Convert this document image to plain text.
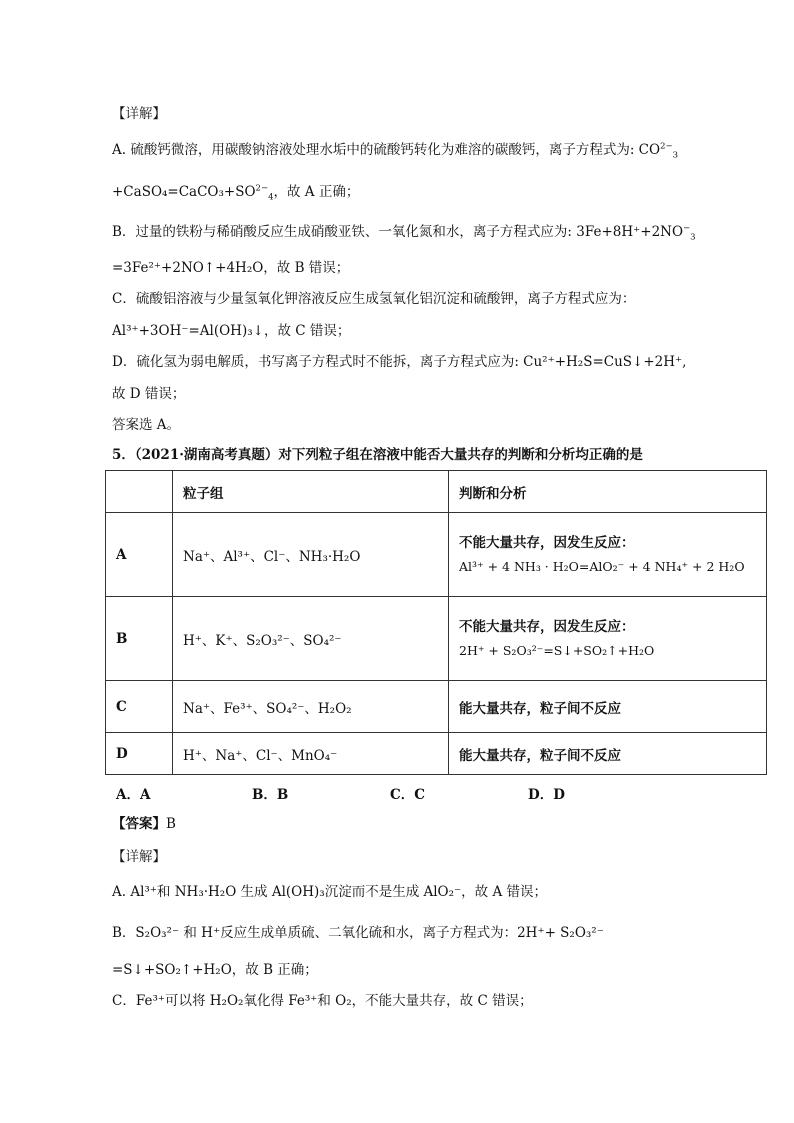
【详解】
A. 硫酸钙微溶，用碳酸钠溶液处理水垢中的硫酸钙转化为难溶的碳酸钙，离子方程式为: $CO^{2-}_3$
$+CaSO_4=CaCO_3+SO^{2-}_4$，故 A 正确；
B．过量的铁粉与稀硝酸反应生成硝酸亚铁、一氧化氮和水，离子方程式应为: $3Fe+8H^++2NO^-_3$
=3Fe²⁺+2NO↑+4H₂O，故 B 错误；
C．硫酸铝溶液与少量氢氧化钾溶液反应生成氢氧化铝沉淀和硫酸钾，离子方程式应为：
Al³⁺+3OH⁻=Al(OH)₃↓，故 C 错误；
D．硫化氢为弱电解质，书写离子方程式时不能拆，离子方程式应为: Cu²⁺+H₂S=CuS↓+2H⁺,
故 D 错误；
答案选 A。
5．（2021·湖南高考真题）对下列粒子组在溶液中能否大量共存的判断和分析均正确的是
	粒子组	判断和分析
A	Na⁺、Al³⁺、Cl⁻、NH₃·H₂O	不能大量共存，因发生反应：
Al³⁺ + 4 NH₃ · H₂O=AlO₂⁻ + 4 NH₄⁺ + 2 H₂O

B	H⁺、K⁺、S₂O₃²⁻、SO₄²⁻	不能大量共存，因发生反应：
2H⁺ + S₂O₃²⁻=S↓+SO₂↑+H₂O

C	Na⁺、Fe³⁺、SO₄²⁻、H₂O₂	能大量共存，粒子间不反应
D	H⁺、Na⁺、Cl⁻、MnO₄⁻	能大量共存，粒子间不反应
A．A	B．B	C．C	D．D
【答案】B
【详解】
A. Al³⁺和 NH₃·H₂O 生成 Al(OH)₃沉淀而不是生成 AlO₂⁻，故 A 错误；
B．S₂O₃²⁻ 和 H⁺反应生成单质硫、二氧化硫和水，离子方程式为：2H⁺+ S₂O₃²⁻
=S↓+SO₂↑+H₂O，故 B 正确；
C．Fe³⁺可以将 H₂O₂氧化得 Fe³⁺和 O₂，不能大量共存，故 C 错误；
